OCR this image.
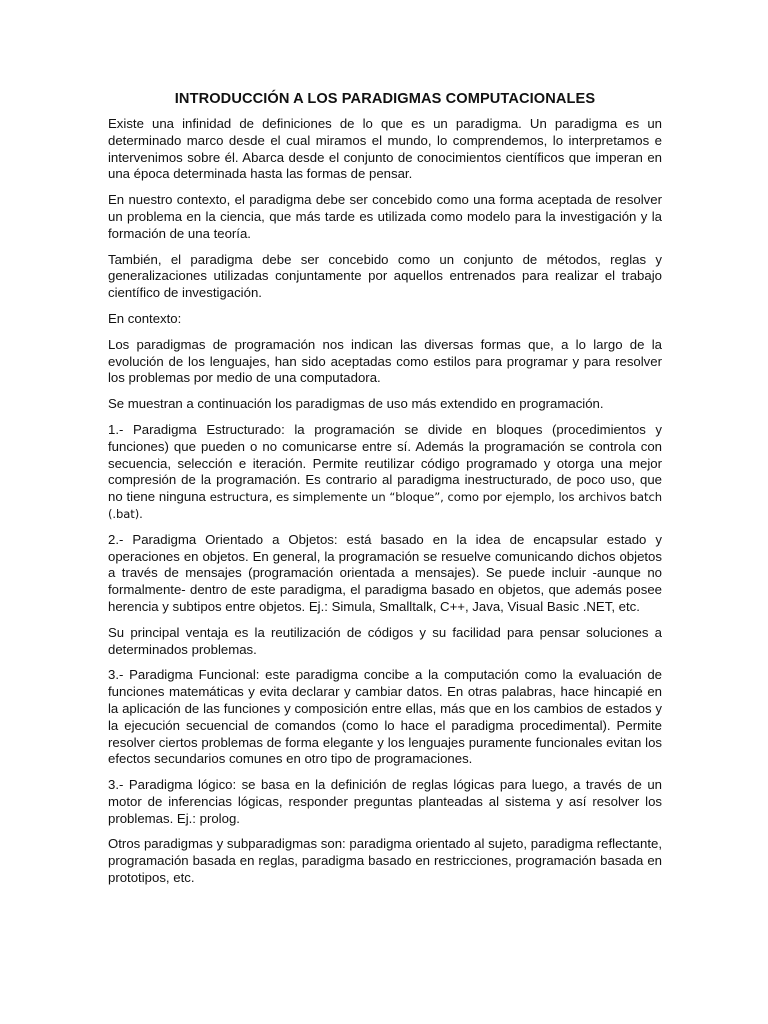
INTRODUCCIÓN A LOS PARADIGMAS COMPUTACIONALES

Existe una infinidad de definiciones de lo que es un paradigma. Un paradigma es un determinado marco desde el cual miramos el mundo, lo comprendemos, lo interpretamos e intervenimos sobre él. Abarca desde el conjunto de conocimientos científicos que imperan en una época determinada hasta las formas de pensar.

En nuestro contexto, el paradigma debe ser concebido como una forma aceptada de resolver un problema en la ciencia, que más tarde es utilizada como modelo para la investigación y la formación de una teoría.

También, el paradigma debe ser concebido como un conjunto de métodos, reglas y generalizaciones utilizadas conjuntamente por aquellos entrenados para realizar el trabajo científico de investigación.

En contexto:

Los paradigmas de programación nos indican las diversas formas que, a lo largo de la evolución de los lenguajes, han sido aceptadas como estilos para programar y para resolver los problemas por medio de una computadora.

Se muestran a continuación los paradigmas de uso más extendido en programación.

1.- Paradigma Estructurado: la programación se divide en bloques (procedimientos y funciones) que pueden o no comunicarse entre sí. Además la programación se controla con secuencia, selección e iteración. Permite reutilizar código programado y otorga una mejor compresión de la programación. Es contrario al paradigma inestructurado, de poco uso, que no tiene ninguna estructura, es simplemente un “bloque”, como por ejemplo, los archivos batch (.bat).

2.- Paradigma Orientado a Objetos: está basado en la idea de encapsular estado y operaciones en objetos. En general, la programación se resuelve comunicando dichos objetos a través de mensajes (programación orientada a mensajes). Se puede incluir -aunque no formalmente- dentro de este paradigma, el paradigma basado en objetos, que además posee herencia y subtipos entre objetos. Ej.: Simula, Smalltalk, C++, Java, Visual Basic .NET, etc.

Su principal ventaja es la reutilización de códigos y su facilidad para pensar soluciones a determinados problemas.

3.- Paradigma Funcional: este paradigma concibe a la computación como la evaluación de funciones matemáticas y evita declarar y cambiar datos. En otras palabras, hace hincapié en la aplicación de las funciones y composición entre ellas, más que en los cambios de estados y la ejecución secuencial de comandos (como lo hace el paradigma procedimental). Permite resolver ciertos problemas de forma elegante y los lenguajes puramente funcionales evitan los efectos secundarios comunes en otro tipo de programaciones.

3.- Paradigma lógico: se basa en la definición de reglas lógicas para luego, a través de un motor de inferencias lógicas, responder preguntas planteadas al sistema y así resolver los problemas. Ej.: prolog.

Otros paradigmas y subparadigmas son: paradigma orientado al sujeto, paradigma reflectante, programación basada en reglas, paradigma basado en restricciones, programación basada en prototipos, etc.
